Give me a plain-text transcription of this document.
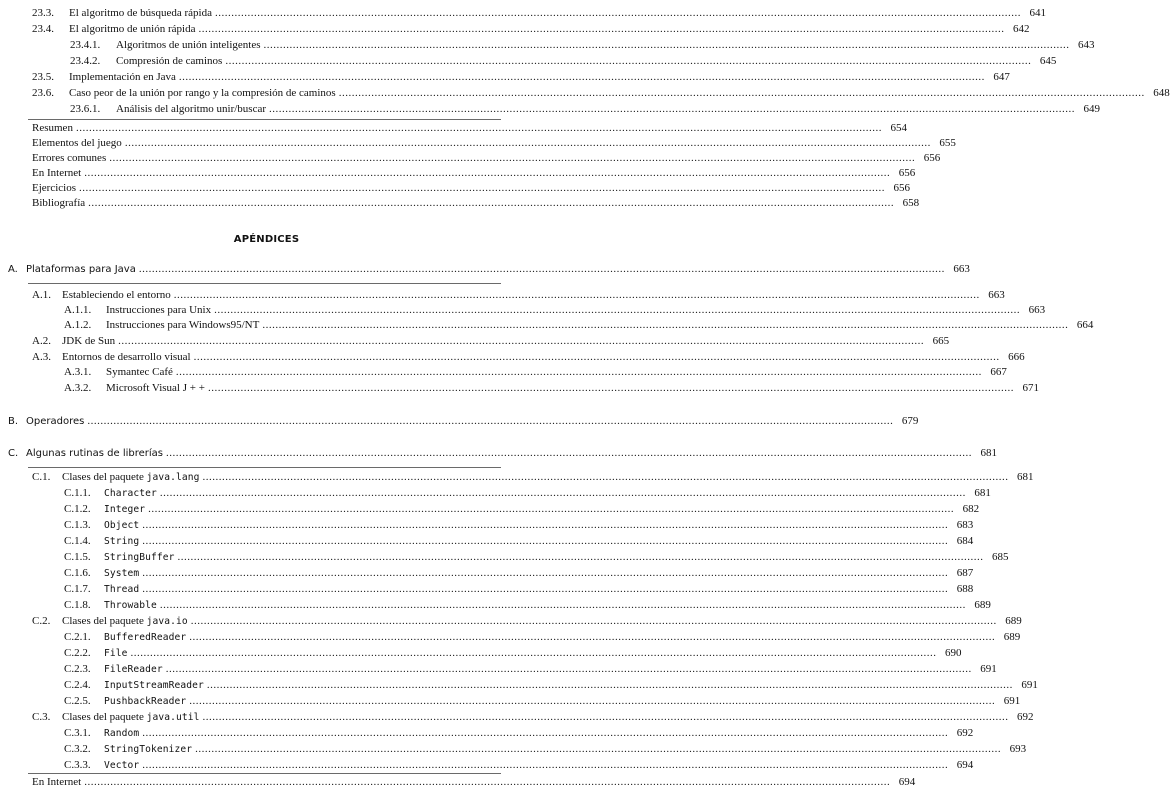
23.3.	El algoritmo de búsqueda rápida .....	641
23.4.	El algoritmo de unión rápida .....	642
23.4.1.	Algoritmos de unión inteligentes .....	643
23.4.2.	Compresión de caminos .....	645
23.5.	Implementación en Java .....	647
23.6.	Caso peor de la unión por rango y la compresión de caminos .....	648
23.6.1.	Análisis del algoritmo unir/buscar .....	649
Resumen .....	654
Elementos del juego .....	655
Errores comunes .....	656
En Internet .....	656
Ejercicios .....	656
Bibliografía .....	658
APÉNDICES
A. Plataformas para Java .....	663
A.1.	Estableciendo el entorno .....	663
A.1.1.	Instrucciones para Unix .....	663
A.1.2.	Instrucciones para Windows95/NT .....	664
A.2.	JDK de Sun .....	665
A.3.	Entornos de desarrollo visual .....	666
A.3.1.	Symantec Café .....	667
A.3.2.	Microsoft Visual J + + .....	671
B. Operadores .....	679
C. Algunas rutinas de librerías .....	681
C.1.	Clases del paquete java.lang .....	681
C.1.1.	Character .....	681
C.1.2.	Integer .....	682
C.1.3.	Object .....	683
C.1.4.	String .....	684
C.1.5.	StringBuffer .....	685
C.1.6.	System .....	687
C.1.7.	Thread .....	688
C.1.8.	Throwable .....	689
C.2.	Clases del paquete java.io .....	689
C.2.1.	BufferedReader .....	689
C.2.2.	File .....	690
C.2.3.	FileReader .....	691
C.2.4.	InputStreamReader .....	691
C.2.5.	PushbackReader .....	691
C.3.	Clases del paquete java.util .....	692
C.3.1.	Random .....	692
C.3.2.	StringTokenizer .....	693
C.3.3.	Vector .....	694
En Internet .....	694
